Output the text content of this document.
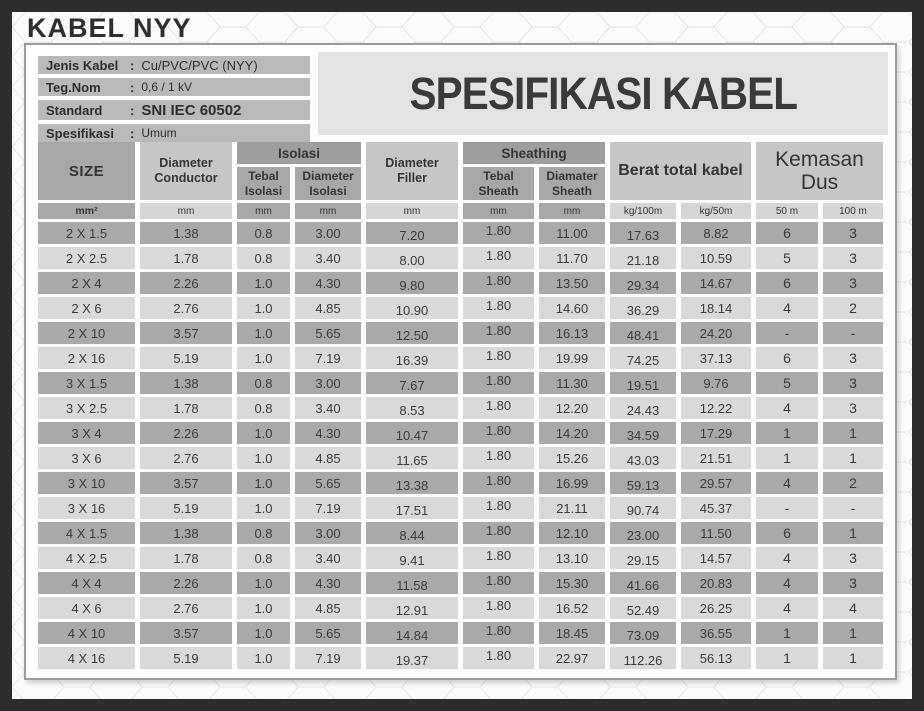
KABEL NYY
Jenis Kabel : Cu/PVC/PVC (NYY)
Teg.Nom	: 0,6 / 1 kV
Standard	: SNI IEC 60502
Spesifikasi	: Umum
SPESIFIKASI KABEL
SIZE	Diameter Conductor
Isolasi
Tebal Isolasi
Diameter Isolasi
Diameter Filler
Sheathing
Tebal Sheath
Diamater Sheath
Berat total kabel	Kemasan Dus
mm²	mm	mm	mm	mm	mm	mm	kg/100m	kg/50m	50 m	100 m
2 X 1.5	1.38	0.8	3.00	7.20	1.80	11.00	17.63	8.82	6	3
2 X 2.5	1.78	0.8	3.40	8.00	1.80	11.70	21.18	10.59	5	3
2 X 4	2.26	1.0	4.30	9.80	1.80	13.50	29.34	14.67	6	3
2 X 6	2.76	1.0	4.85	10.90	1.80	14.60	36.29	18.14	4	2
2 X 10	3.57	1.0	5.65	12.50	1.80	16.13	48.41	24.20	-	-
2 X 16	5.19	1.0	7.19	16.39	1.80	19.99	74.25	37.13	6	3
3 X 1.5	1.38	0.8	3.00	7.67	1.80	11.30	19.51	9.76	5	3
3 X 2.5	1.78	0.8	3.40	8.53	1.80	12.20	24.43	12.22	4	3
3 X 4	2.26	1.0	4.30	10.47	1.80	14.20	34.59	17.29	1	1
3 X 6	2.76	1.0	4.85	11.65	1.80	15.26	43.03	21.51	1	1
3 X 10	3.57	1.0	5.65	13.38	1.80	16.99	59.13	29.57	4	2
3 X 16	5.19	1.0	7.19	17.51	1.80	21.11	90.74	45.37	-	-
4 X 1.5	1.38	0.8	3.00	8.44	1.80	12.10	23.00	11.50	6	1
4 X 2.5	1.78	0.8	3.40	9.41	1.80	13.10	29.15	14.57	4	3
4 X 4	2.26	1.0	4.30	11.58	1.80	15.30	41.66	20.83	4	3
4 X 6	2.76	1.0	4.85	12.91	1.80	16.52	52.49	26.25	4	4
4 X 10	3.57	1.0	5.65	14.84	1.80	18.45	73.09	36.55	1	1
4 X 16	5.19	1.0	7.19	19.37	1.80	22.97	112.26	56.13	1	1
